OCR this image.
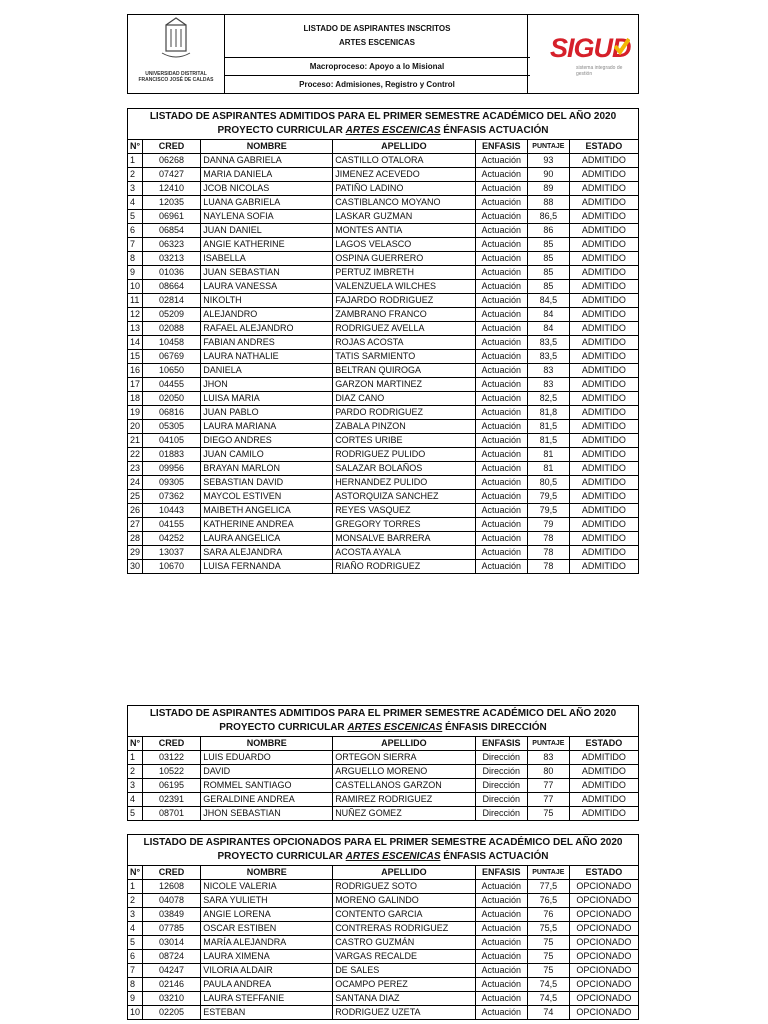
UNIVERSIDAD DISTRITAL
FRANCISCO JOSÉ DE CALDAS
LISTADO DE ASPIRANTES INSCRITOS
ARTES ESCENICAS
Macroproceso: Apoyo a lo Misional
Proceso: Admisiones, Registro y Control
SIGUD
sistema integrado de gestión
LISTADO DE ASPIRANTES ADMITIDOS PARA EL PRIMER SEMESTRE ACADÉMICO DEL AÑO 2020
PROYECTO CURRICULAR ARTES ESCENICAS ÉNFASIS ACTUACIÓN						

N°	CRED	NOMBRE	APELLIDO	ENFASIS	PUNTAJE	ESTADO
1	06268	DANNA GABRIELA	CASTILLO OTALORA	Actuación	93	ADMITIDO
2	07427	MARIA DANIELA	JIMENEZ ACEVEDO	Actuación	90	ADMITIDO
3	12410	JCOB NICOLAS	PATIÑO LADINO	Actuación	89	ADMITIDO
4	12035	LUANA GABRIELA	CASTIBLANCO MOYANO	Actuación	88	ADMITIDO
5	06961	NAYLENA SOFIA	LASKAR GUZMAN	Actuación	86,5	ADMITIDO
6	06854	JUAN DANIEL	MONTES ANTIA	Actuación	86	ADMITIDO
7	06323	ANGIE KATHERINE	LAGOS VELASCO	Actuación	85	ADMITIDO
8	03213	ISABELLA	OSPINA GUERRERO	Actuación	85	ADMITIDO
9	01036	JUAN SEBASTIAN	PERTUZ IMBRETH	Actuación	85	ADMITIDO
10	08664	LAURA VANESSA	VALENZUELA WILCHES	Actuación	85	ADMITIDO
11	02814	NIKOLTH	FAJARDO RODRIGUEZ	Actuación	84,5	ADMITIDO
12	05209	ALEJANDRO	ZAMBRANO FRANCO	Actuación	84	ADMITIDO
13	02088	RAFAEL ALEJANDRO	RODRIGUEZ AVELLA	Actuación	84	ADMITIDO
14	10458	FABIAN ANDRES	ROJAS ACOSTA	Actuación	83,5	ADMITIDO
15	06769	LAURA NATHALIE	TATIS SARMIENTO	Actuación	83,5	ADMITIDO
16	10650	DANIELA	BELTRAN QUIROGA	Actuación	83	ADMITIDO
17	04455	JHON	GARZON MARTINEZ	Actuación	83	ADMITIDO
18	02050	LUISA MARIA	DIAZ CANO	Actuación	82,5	ADMITIDO
19	06816	JUAN PABLO	PARDO RODRIGUEZ	Actuación	81,8	ADMITIDO
20	05305	LAURA MARIANA	ZABALA PINZON	Actuación	81,5	ADMITIDO
21	04105	DIEGO ANDRES	CORTES URIBE	Actuación	81,5	ADMITIDO
22	01883	JUAN CAMILO	RODRIGUEZ PULIDO	Actuación	81	ADMITIDO
23	09956	BRAYAN MARLON	SALAZAR BOLAÑOS	Actuación	81	ADMITIDO
24	09305	SEBASTIAN DAVID	HERNANDEZ PULIDO	Actuación	80,5	ADMITIDO
25	07362	MAYCOL ESTIVEN	ASTORQUIZA SANCHEZ	Actuación	79,5	ADMITIDO
26	10443	MAIBETH ANGELICA	REYES VASQUEZ	Actuación	79,5	ADMITIDO
27	04155	KATHERINE ANDREA	GREGORY TORRES	Actuación	79	ADMITIDO
28	04252	LAURA ANGELICA	MONSALVE BARRERA	Actuación	78	ADMITIDO
29	13037	SARA ALEJANDRA	ACOSTA AYALA	Actuación	78	ADMITIDO
30	10670	LUISA FERNANDA	RIAÑO RODRIGUEZ	Actuación	78	ADMITIDO
LISTADO DE ASPIRANTES ADMITIDOS PARA EL PRIMER SEMESTRE ACADÉMICO DEL AÑO 2020
PROYECTO CURRICULAR ARTES ESCENICAS ÉNFASIS DIRECCIÓN						

N°	CRED	NOMBRE	APELLIDO	ENFASIS	PUNTAJE	ESTADO
1	03122	LUIS EDUARDO	ORTEGON SIERRA	Dirección	83	ADMITIDO
2	10522	DAVID	ARGUELLO MORENO	Dirección	80	ADMITIDO
3	06195	ROMMEL SANTIAGO	CASTELLANOS GARZON	Dirección	77	ADMITIDO
4	02391	GERALDINE ANDREA	RAMIREZ RODRIGUEZ	Dirección	77	ADMITIDO
5	08701	JHON SEBASTIAN	NUÑEZ GOMEZ	Dirección	75	ADMITIDO
LISTADO DE ASPIRANTES OPCIONADOS PARA EL PRIMER SEMESTRE ACADÉMICO DEL AÑO 2020
PROYECTO CURRICULAR ARTES ESCENICAS ÉNFASIS ACTUACIÓN						

N°	CRED	NOMBRE	APELLIDO	ENFASIS	PUNTAJE	ESTADO
1	12608	NICOLE VALERIA	RODRIGUEZ SOTO	Actuación	77,5	OPCIONADO
2	04078	SARA YULIETH	MORENO GALINDO	Actuación	76,5	OPCIONADO
3	03849	ANGIE LORENA	CONTENTO GARCIA	Actuación	76	OPCIONADO
4	07785	OSCAR ESTIBEN	CONTRERAS RODRIGUEZ	Actuación	75,5	OPCIONADO
5	03014	MARÍA ALEJANDRA	CASTRO GUZMÁN	Actuación	75	OPCIONADO
6	08724	LAURA XIMENA	VARGAS RECALDE	Actuación	75	OPCIONADO
7	04247	VILORIA ALDAIR	DE SALES	Actuación	75	OPCIONADO
8	02146	PAULA ANDREA	OCAMPO PEREZ	Actuación	74,5	OPCIONADO
9	03210	LAURA STEFFANIE	SANTANA DIAZ	Actuación	74,5	OPCIONADO
10	02205	ESTEBAN	RODRIGUEZ UZETA	Actuación	74	OPCIONADO
